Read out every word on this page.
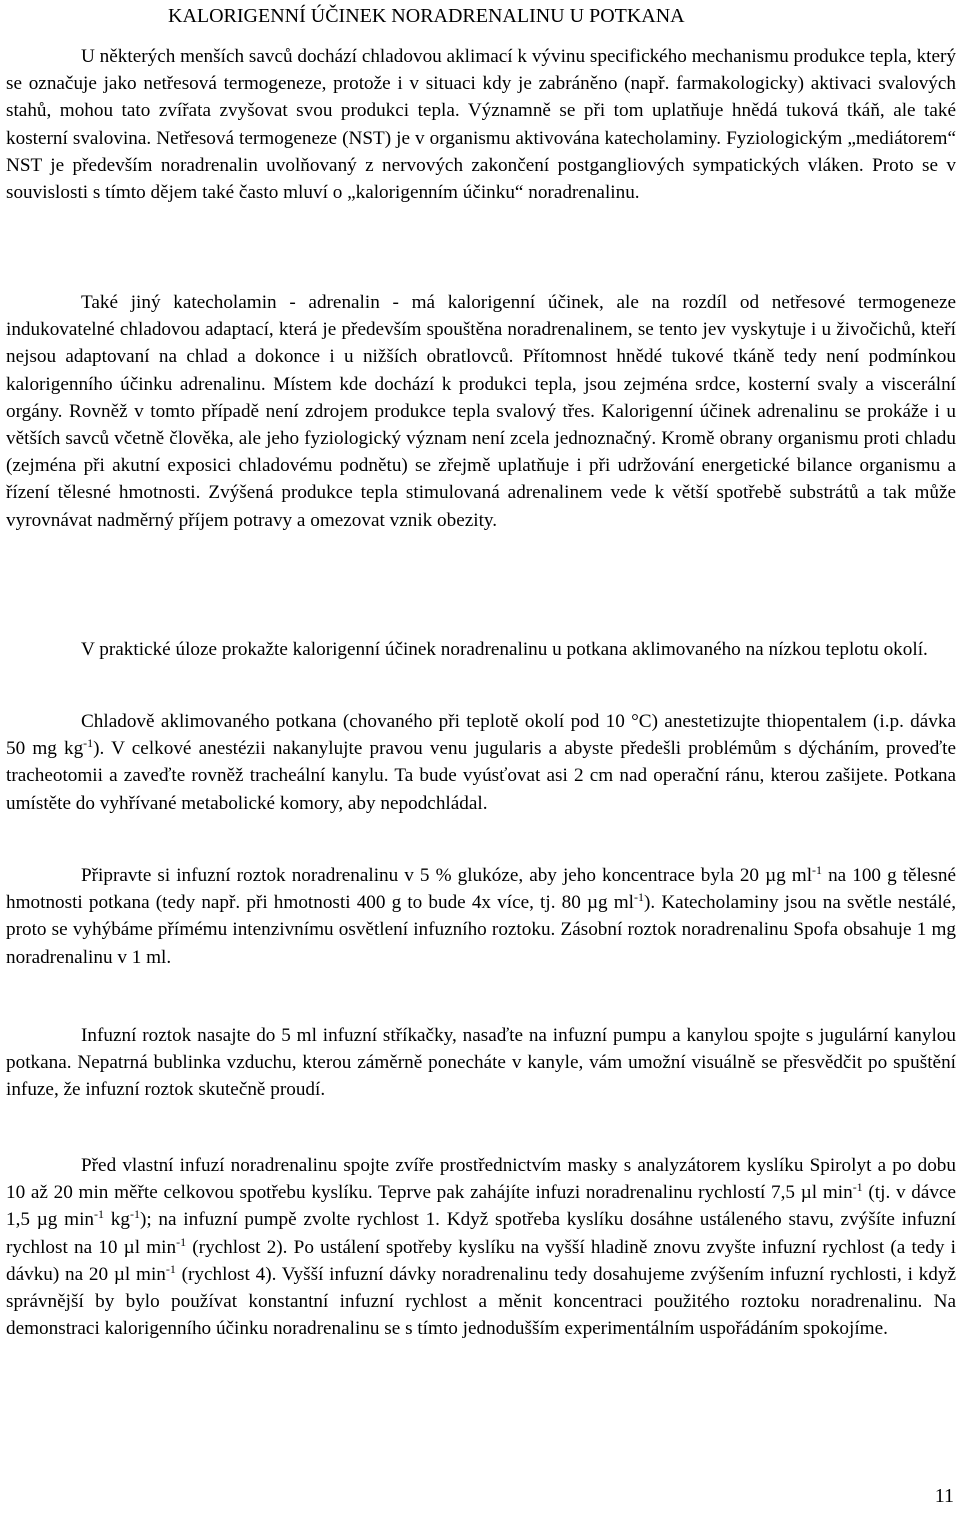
KALORIGENNÍ ÚČINEK NORADRENALINU U POTKANA

U některých menších savců dochází chladovou aklimací k vývinu specifického mechanismu produkce tepla, který se označuje jako netřesová termogeneze, protože i v situaci kdy je zabráněno (např. farmakologicky) aktivaci svalových stahů, mohou tato zvířata zvyšovat svou produkci tepla. Významně se při tom uplatňuje hnědá tuková tkáň, ale také kosterní svalovina. Netřesová termogeneze (NST) je v organismu aktivována katecholaminy. Fyziologickým „mediátorem“ NST je především noradrenalin uvolňovaný z nervových zakončení postgangliových sympatických vláken. Proto se v souvislosti s tímto dějem také často mluví o „kalorigenním účinku“ noradrenalinu.

Také jiný katecholamin - adrenalin - má kalorigenní účinek, ale na rozdíl od netřesové termogeneze indukovatelné chladovou adaptací, která je především spouštěna noradrenalinem, se tento jev vyskytuje i u živočichů, kteří nejsou adaptovaní na chlad a dokonce i u nižších obratlovců. Přítomnost hnědé tukové tkáně tedy není podmínkou kalorigenního účinku adrenalinu. Místem kde dochází k produkci tepla, jsou zejména srdce, kosterní svaly a viscerální orgány. Rovněž v tomto případě není zdrojem produkce tepla svalový třes. Kalorigenní účinek adrenalinu se prokáže i u větších savců včetně člověka, ale jeho fyziologický význam není zcela jednoznačný. Kromě obrany organismu proti chladu (zejména při akutní exposici chladovému podnětu) se zřejmě uplatňuje i při udržování energetické bilance organismu a řízení tělesné hmotnosti. Zvýšená produkce tepla stimulovaná adrenalinem vede k větší spotřebě substrátů a tak může vyrovnávat nadměrný příjem potravy a omezovat vznik obezity.

V praktické úloze prokažte kalorigenní účinek noradrenalinu u potkana aklimovaného na nízkou teplotu okolí.

Chladově aklimovaného potkana (chovaného při teplotě okolí pod 10 °C) anestetizujte thiopentalem (i.p. dávka 50 mg $kg^{-1}$). V celkové anestézii nakanylujte pravou venu jugularis a abyste předešli problémům s dýcháním, proveďte tracheotomii a zaveďte rovněž tracheální kanylu. Ta bude vyúsťovat asi 2 cm nad operační ránu, kterou zašijete. Potkana umístěte do vyhřívané metabolické komory, aby nepodchládal.

Připravte si infuzní roztok noradrenalinu v 5 % glukóze, aby jeho koncentrace byla 20 µg $ml^{-1}$ na 100 g tělesné hmotnosti potkana (tedy např. při hmotnosti 400 g to bude 4x více, tj. 80 µg $ml^{-1}$). Katecholaminy jsou na světle nestálé, proto se vyhýbáme přímému intenzivnímu osvětlení infuzního roztoku. Zásobní roztok noradrenalinu Spofa obsahuje 1 mg noradrenalinu v 1 ml.

Infuzní roztok nasajte do 5 ml infuzní stříkačky, nasaďte na infuzní pumpu a kanylou spojte s jugulární kanylou potkana. Nepatrná bublinka vzduchu, kterou záměrně ponecháte v kanyle, vám umožní visuálně se přesvědčit po spuštění infuze, že infuzní roztok skutečně proudí.

Před vlastní infuzí noradrenalinu spojte zvíře prostřednictvím masky s analyzátorem kyslíku Spirolyt a po dobu 10 až 20 min měřte celkovou spotřebu kyslíku. Teprve pak zahájíte infuzi noradrenalinu rychlostí 7,5 µl $\min^{-1} (tj$. v dávce 1,5 µg $\min^{-1} kg^{-1}$); na infuzní pumpě zvolte rychlost 1. Když spotřeba kyslíku dosáhne ustáleného stavu, zvýšíte infuzní rychlost na 10 µl $\min^{-1}$ (rychlost 2). Po ustálení spotřeby kyslíku na vyšší hladině znovu zvyšte infuzní rychlost (a tedy i dávku) na 20 µl $\min^{-1}$ (rychlost 4). Vyšší infuzní dávky noradrenalinu tedy dosahujeme zvýšením infuzní rychlosti, i když správnější by bylo používat konstantní infuzní rychlost a měnit koncentraci použitého roztoku noradrenalinu. Na demonstraci kalorigenního účinku noradrenalinu se s tímto jednodušším experimentálním uspořádáním spokojíme.

11
